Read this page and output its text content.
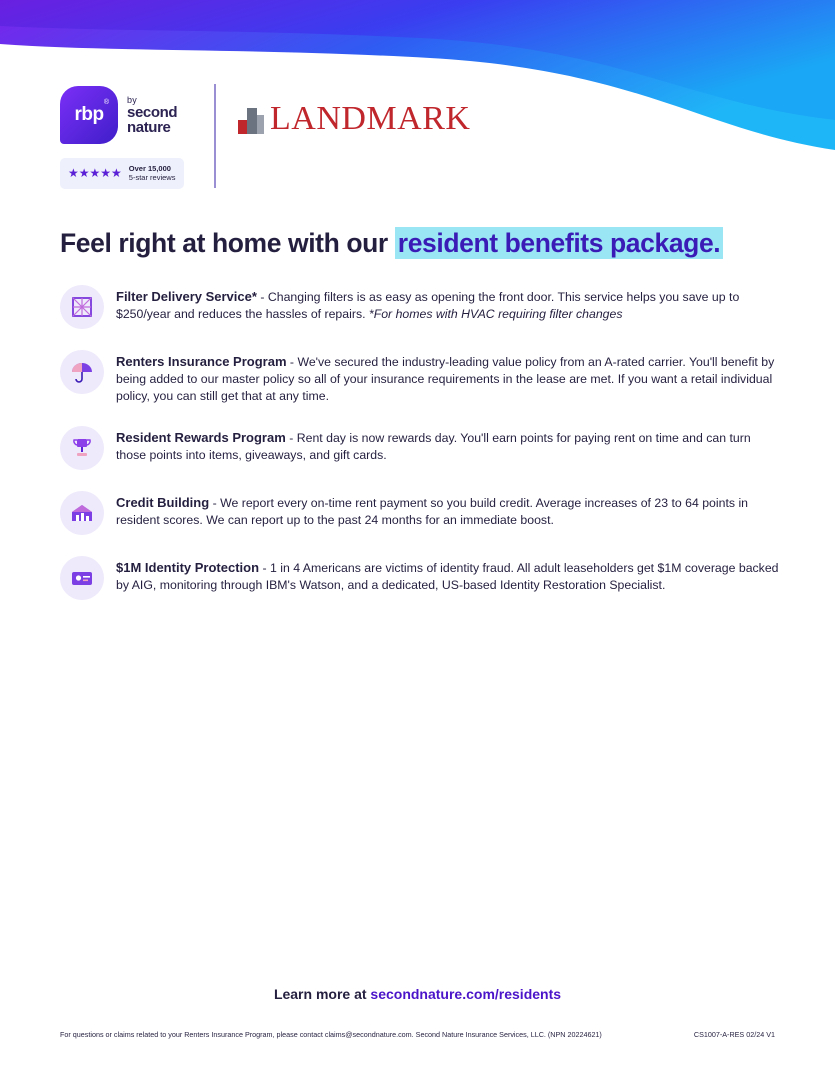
rbp
® by
second
nature
★★★★★ Over 15,000
5-star reviews
LANDMARK
Feel right at home with our resident benefits package.
Filter Delivery Service* - Changing filters is as easy as opening the front door. This service helps you save up to $250/year and reduces the hassles of repairs. *For homes with HVAC requiring filter changes
Renters Insurance Program - We've secured the industry-leading value policy from an A-rated carrier. You'll benefit by being added to our master policy so all of your insurance requirements in the lease are met. If you want a retail individual policy, you can still get that at any time.
Resident Rewards Program - Rent day is now rewards day. You'll earn points for paying rent on time and can turn those points into items, giveaways, and gift cards.
Credit Building - We report every on-time rent payment so you build credit. Average increases of 23 to 64 points in resident scores. We can report up to the past 24 months for an immediate boost.
$1M Identity Protection - 1 in 4 Americans are victims of identity fraud. All adult leaseholders get $1M coverage backed by AIG, monitoring through IBM's Watson, and a dedicated, US-based Identity Restoration Specialist.
Learn more at secondnature.com/residents
For questions or claims related to your Renters Insurance Program, please contact claims@secondnature.com. Second Nature Insurance Services, LLC. (NPN 20224621)	CS1007-A-RES 02/24 V1
